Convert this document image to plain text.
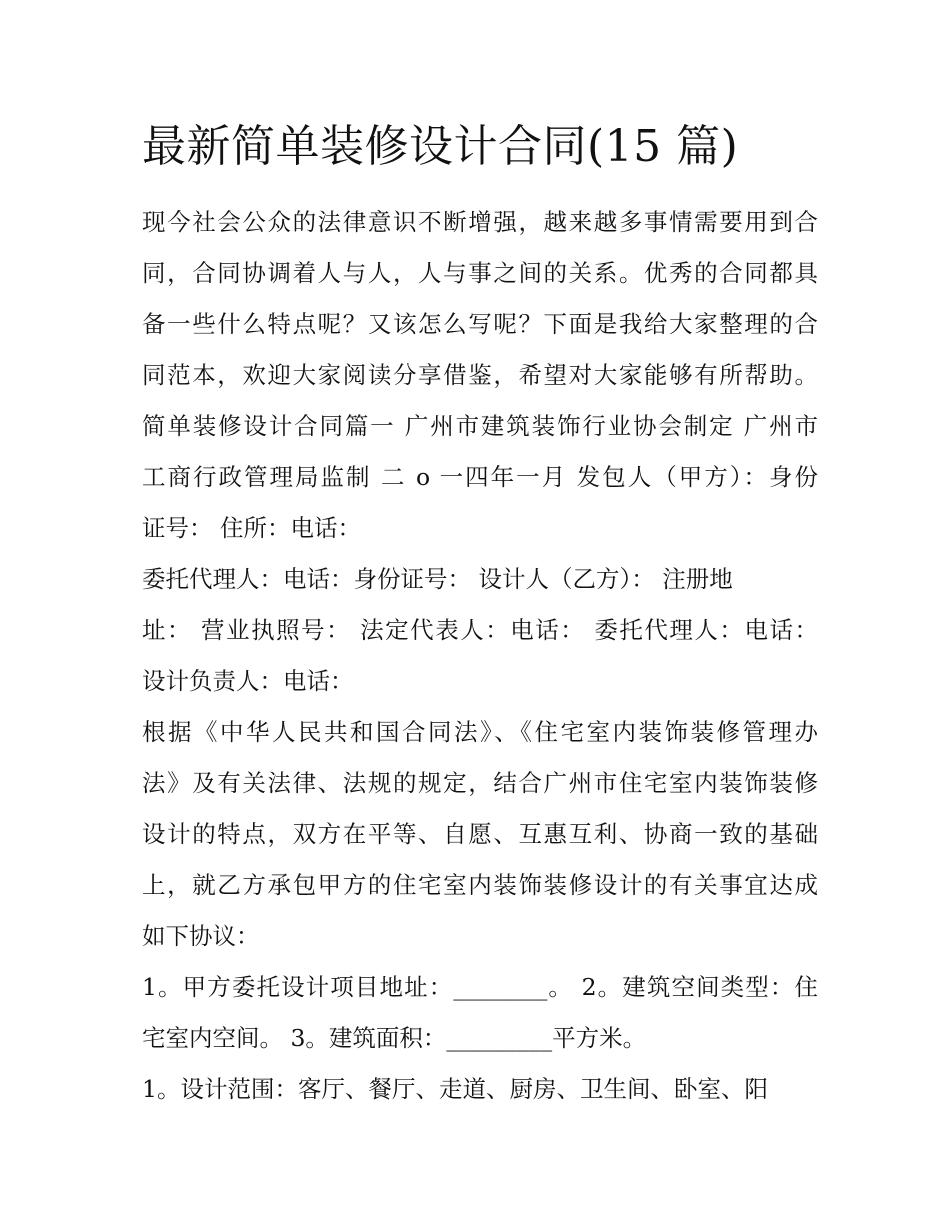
最新简单装修设计合同(15 篇)
现今社会公众的法律意识不断增强，越来越多事情需要用到合
同，合同协调着人与人，人与事之间的关系。优秀的合同都具
备一些什么特点呢？又该怎么写呢？下面是我给大家整理的合
同范本，欢迎大家阅读分享借鉴，希望对大家能够有所帮助。
简单装修设计合同篇一 广州市建筑装饰行业协会制定 广州市
工商行政管理局监制 二 o 一四年一月 发包人（甲方）：身份
证号： 住所：电话：
委托代理人：电话：身份证号： 设计人（乙方）： 注册地
址： 营业执照号： 法定代表人：电话： 委托代理人：电话：
设计负责人：电话：
根据《中华人民共和国合同法》、《住宅室内装饰装修管理办
法》及有关法律、法规的规定，结合广州市住宅室内装饰装修
设计的特点，双方在平等、自愿、互惠互利、协商一致的基础
上，就乙方承包甲方的住宅室内装饰装修设计的有关事宜达成
如下协议：
1。甲方委托设计项目地址：________。 2。建筑空间类型：住
宅室内空间。 3。建筑面积：_________平方米。
1。设计范围：客厅、餐厅、走道、厨房、卫生间、卧室、阳
